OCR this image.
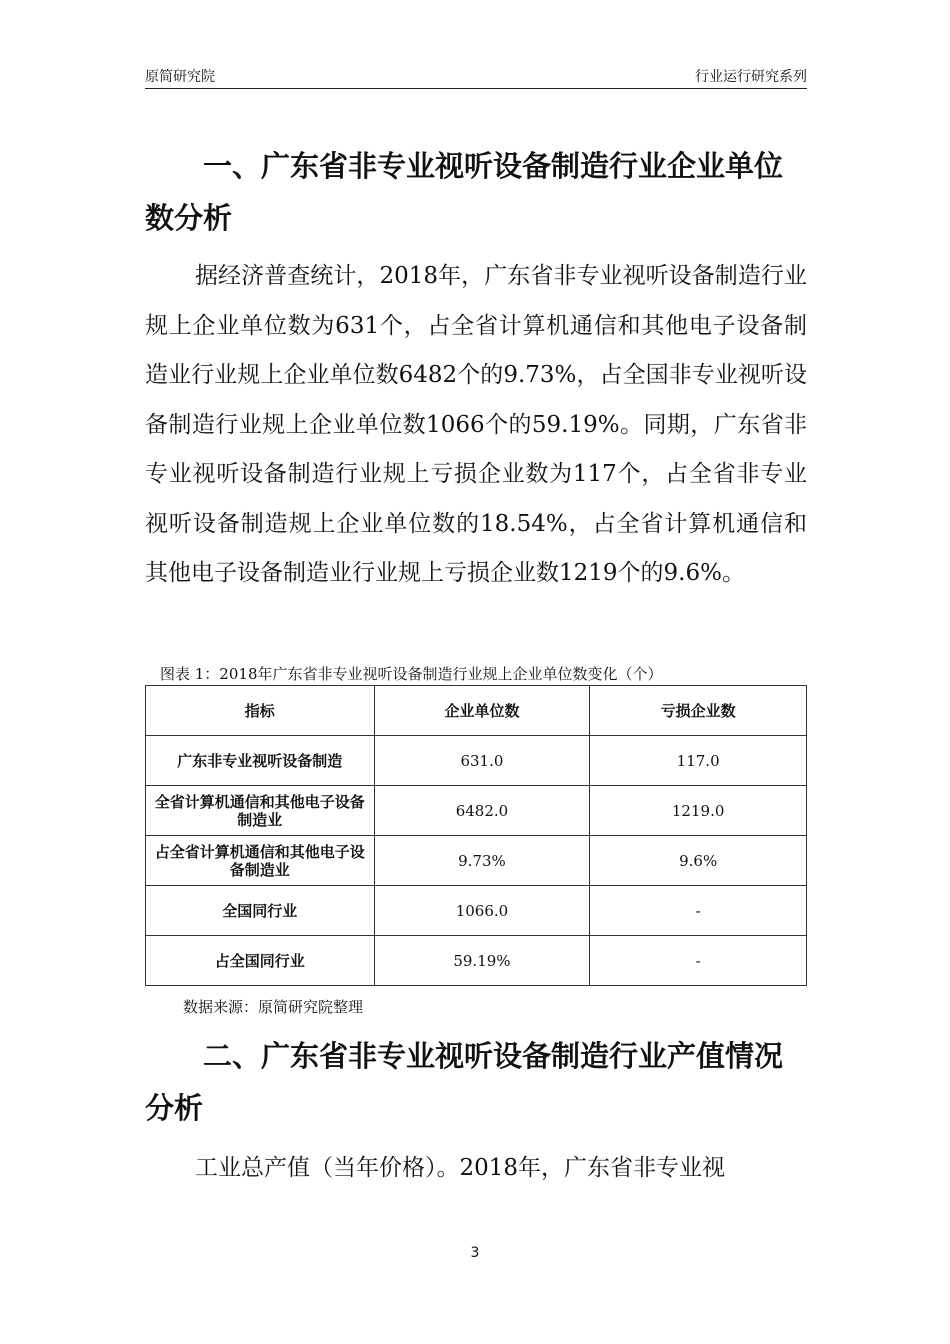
原简研究院	行业运行研究系列
一、广东省非专业视听设备制造行业企业单位数分析

据经济普查统计，2018年，广东省非专业视听设备制造行业规上企业单位数为631个，占全省计算机通信和其他电子设备制造业行业规上企业单位数6482个的9.73%，占全国非专业视听设备制造行业规上企业单位数1066个的59.19%。同期，广东省非专业视听设备制造行业规上亏损企业数为117个，占全省非专业视听设备制造规上企业单位数的18.54%，占全省计算机通信和其他电子设备制造业行业规上亏损企业数1219个的9.6%。

图表 1：2018年广东省非专业视听设备制造行业规上企业单位数变化（个）
指标	企业单位数	亏损企业数
广东非专业视听设备制造	631.0	117.0
全省计算机通信和其他电子设备制造业	6482.0	1219.0
占全省计算机通信和其他电子设备制造业	9.73%	9.6%
全国同行业	1066.0	-
占全国同行业	59.19%	-
数据来源：原简研究院整理
二、广东省非专业视听设备制造行业产值情况分析

工业总产值（当年价格）。2018年，广东省非专业视

3
